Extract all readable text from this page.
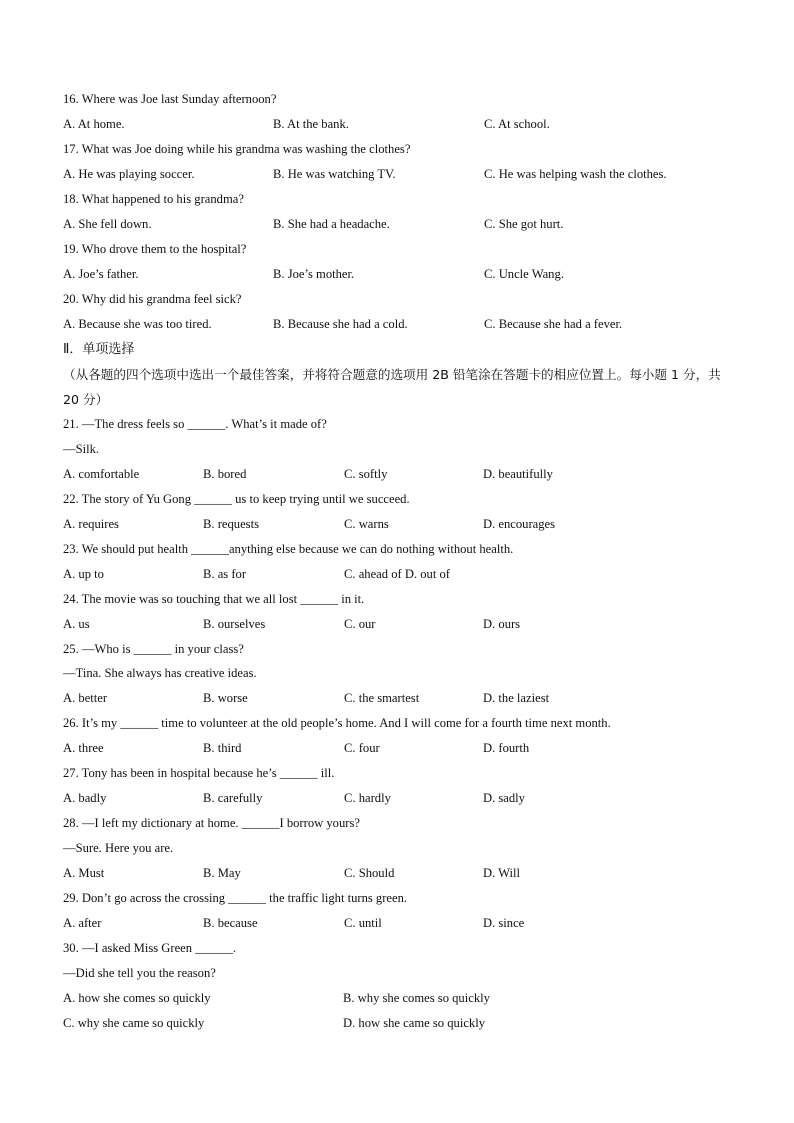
16. Where was Joe last Sunday afternoon?
A. At home.	B. At the bank.	C. At school.
17. What was Joe doing while his grandma was washing the clothes?
A. He was playing soccer.	B. He was watching TV.	C. He was helping wash the clothes.
18. What happened to his grandma?
A. She fell down.	B. She had a headache.	C. She got hurt.
19. Who drove them to the hospital?
A. Joe’s father.	B. Joe’s mother.	C. Uncle Wang.
20. Why did his grandma feel sick?
A. Because she was too tired.	B. Because she had a cold.	C. Because she had a fever.
Ⅱ．单项选择
（从各题的四个选项中选出一个最佳答案，并将符合题意的选项用 2B 铅笔涂在答题卡的相应位置上。每小题 1 分，共 20 分）
21. —The dress feels so ______. What’s it made of?
—Silk.
A. comfortable	B. bored	C. softly	D. beautifully
22. The story of Yu Gong ______ us to keep trying until we succeed.
A. requires	B. requests	C. warns	D. encourages
23. We should put health ______anything else because we can do nothing without health.
A. up to	B. as for	C. ahead of D. out of
24. The movie was so touching that we all lost ______ in it.
A. us	B. ourselves	C. our	D. ours
25. —Who is ______ in your class?
—Tina. She always has creative ideas.
A. better	B. worse	C. the smartest	D. the laziest
26. It’s my ______ time to volunteer at the old people’s home. And I will come for a fourth time next month.
A. three	B. third	C. four	D. fourth
27. Tony has been in hospital because he’s ______ ill.
A. badly	B. carefully	C. hardly	D. sadly
28. —I left my dictionary at home. ______I borrow yours?
—Sure. Here you are.
A. Must	B. May	C. Should	D. Will
29. Don’t go across the crossing ______ the traffic light turns green.
A. after	B. because	C. until	D. since
30. —I asked Miss Green ______.
—Did she tell you the reason?
A. how she comes so quickly	B. why she comes so quickly
C. why she came so quickly	D. how she came so quickly
